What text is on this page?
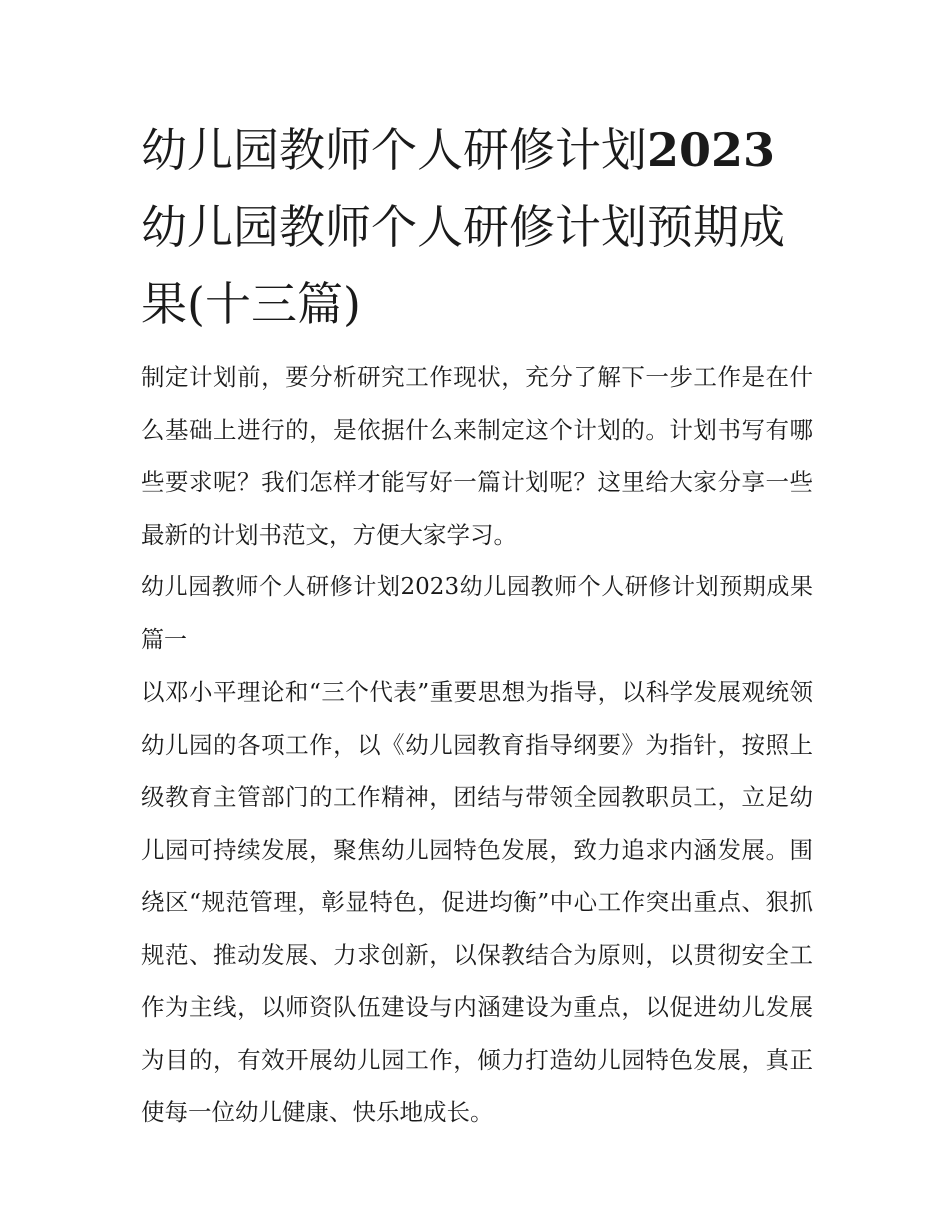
幼儿园教师个人研修计划2023幼儿园教师个人研修计划预期成果(十三篇)

制定计划前，要分析研究工作现状，充分了解下一步工作是在什么基础上进行的，是依据什么来制定这个计划的。计划书写有哪些要求呢？我们怎样才能写好一篇计划呢？这里给大家分享一些最新的计划书范文，方便大家学习。

幼儿园教师个人研修计划2023幼儿园教师个人研修计划预期成果篇一

以邓小平理论和“三个代表”重要思想为指导，以科学发展观统领幼儿园的各项工作，以《幼儿园教育指导纲要》为指针，按照上级教育主管部门的工作精神，团结与带领全园教职员工，立足幼儿园可持续发展，聚焦幼儿园特色发展，致力追求内涵发展。围绕区“规范管理，彰显特色，促进均衡”中心工作突出重点、狠抓规范、推动发展、力求创新，以保教结合为原则，以贯彻安全工作为主线，以师资队伍建设与内涵建设为重点，以促进幼儿发展为目的，有效开展幼儿园工作，倾力打造幼儿园特色发展，真正使每一位幼儿健康、快乐地成长。
